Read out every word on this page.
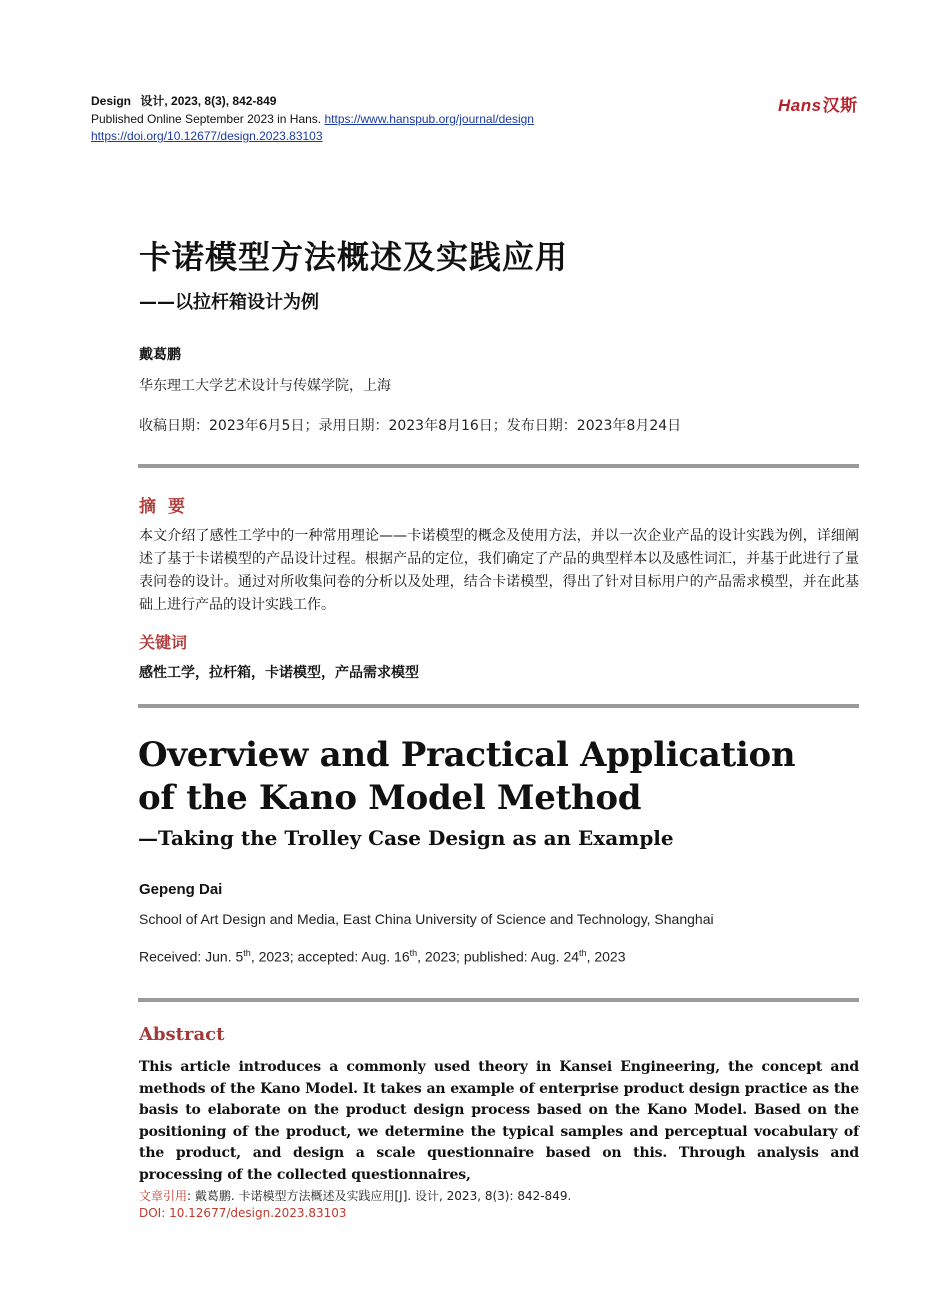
Design 设计, 2023, 8(3), 842-849
Published Online September 2023 in Hans. https://www.hanspub.org/journal/design
https://doi.org/10.12677/design.2023.83103
Hans汉斯
卡诺模型方法概述及实践应用
——以拉杆箱设计为例
戴葛鹏
华东理工大学艺术设计与传媒学院，上海
收稿日期：2023年6月5日；录用日期：2023年8月16日；发布日期：2023年8月24日
摘要
本文介绍了感性工学中的一种常用理论——卡诺模型的概念及使用方法，并以一次企业产品的设计实践为例，详细阐述了基于卡诺模型的产品设计过程。根据产品的定位，我们确定了产品的典型样本以及感性词汇，并基于此进行了量表问卷的设计。通过对所收集问卷的分析以及处理，结合卡诺模型，得出了针对目标用户的产品需求模型，并在此基础上进行产品的设计实践工作。
关键词
感性工学，拉杆箱，卡诺模型，产品需求模型
Overview and Practical Application
of the Kano Model Method
—Taking the Trolley Case Design as an Example
Gepeng Dai
School of Art Design and Media, East China University of Science and Technology, Shanghai
Received: Jun. 5th, 2023; accepted: Aug. 16th, 2023; published: Aug. 24th, 2023
Abstract
This article introduces a commonly used theory in Kansei Engineering, the concept and methods of the Kano Model. It takes an example of enterprise product design practice as the basis to elaborate on the product design process based on the Kano Model. Based on the positioning of the product, we determine the typical samples and perceptual vocabulary of the product, and design a scale questionnaire based on this. Through analysis and processing of the collected questionnaires,
文章引用: 戴葛鹏. 卡诺模型方法概述及实践应用[J]. 设计, 2023, 8(3): 842-849.
DOI: 10.12677/design.2023.83103
